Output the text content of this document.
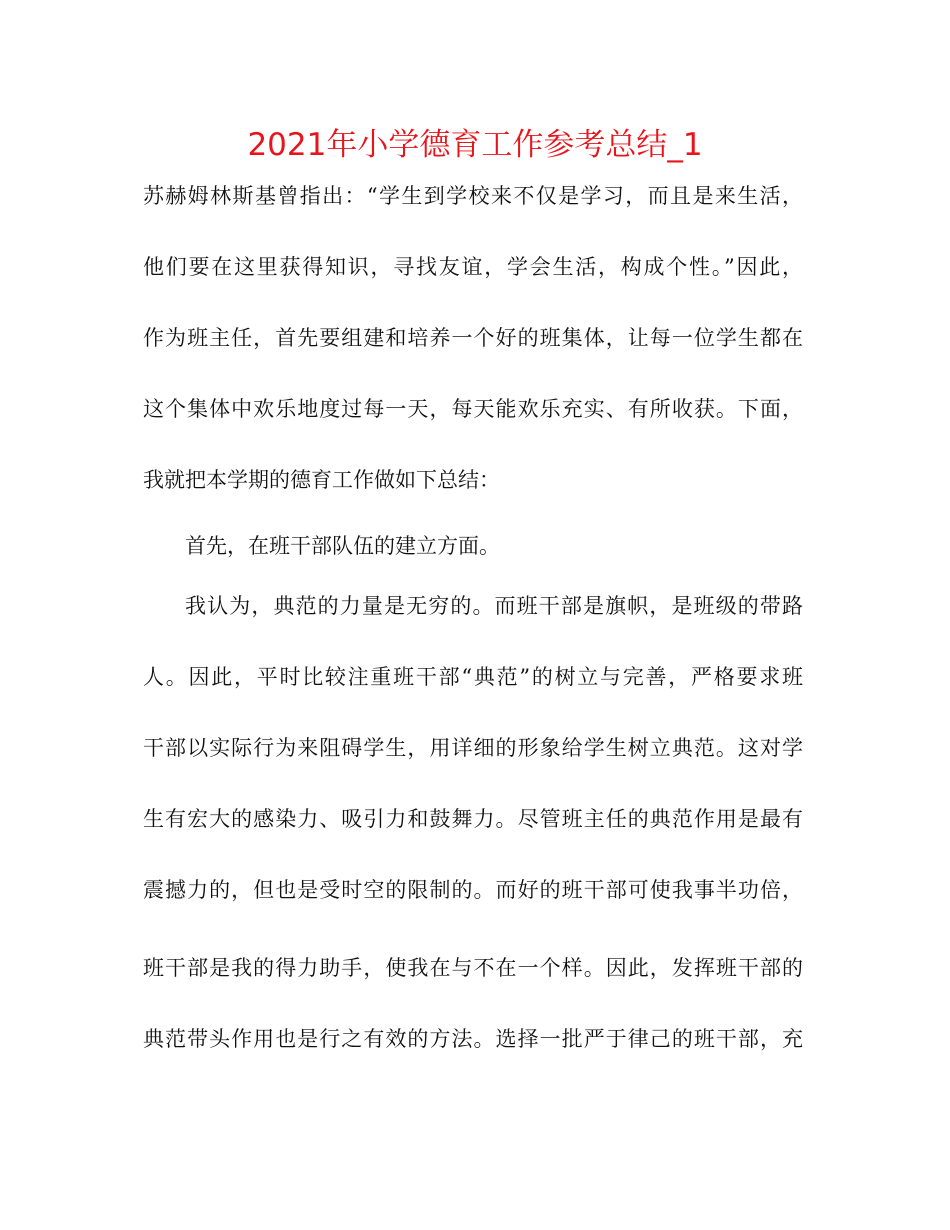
2021年小学德育工作参考总结_1
苏赫姆林斯基曾指出：“学生到学校来不仅是学习，而且是来生活，
他们要在这里获得知识，寻找友谊，学会生活，构成个性。”因此，
作为班主任，首先要组建和培养一个好的班集体，让每一位学生都在
这个集体中欢乐地度过每一天，每天能欢乐充实、有所收获。下面，
我就把本学期的德育工作做如下总结：
首先，在班干部队伍的建立方面。
我认为，典范的力量是无穷的。而班干部是旗帜，是班级的带路
人。因此，平时比较注重班干部“典范”的树立与完善，严格要求班
干部以实际行为来阻碍学生，用详细的形象给学生树立典范。这对学
生有宏大的感染力、吸引力和鼓舞力。尽管班主任的典范作用是最有
震撼力的，但也是受时空的限制的。而好的班干部可使我事半功倍，
班干部是我的得力助手，使我在与不在一个样。因此，发挥班干部的
典范带头作用也是行之有效的方法。选择一批严于律己的班干部，充
